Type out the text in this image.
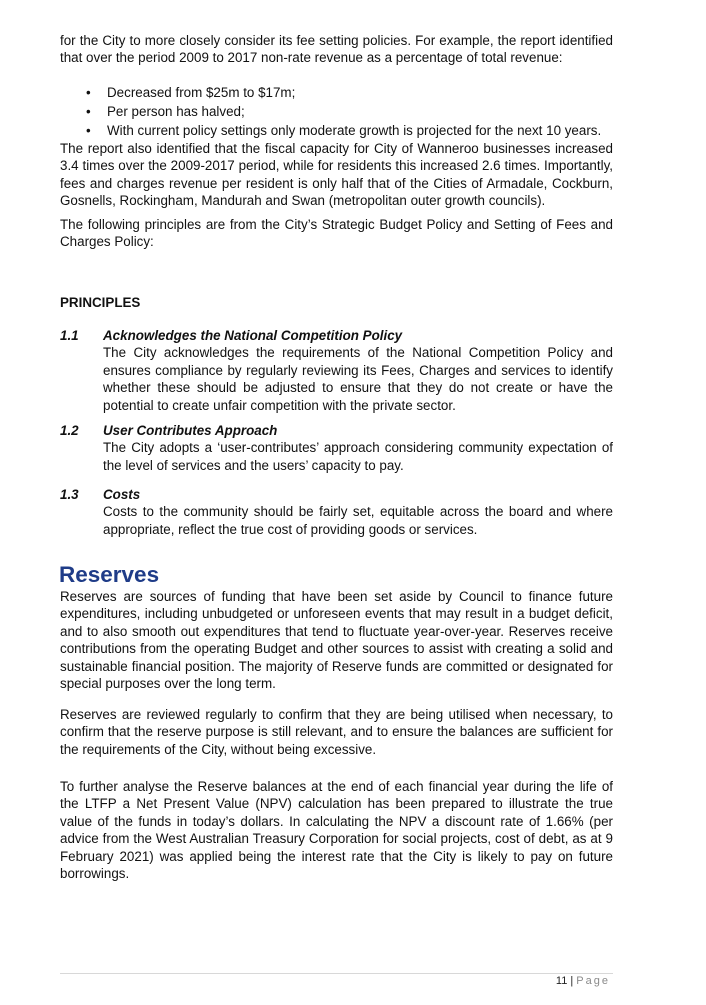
for the City to more closely consider its fee setting policies. For example, the report identified that over the period 2009 to 2017 non-rate revenue as a percentage of total revenue:

• Decreased from $25m to $17m;
• Per person has halved;
• With current policy settings only moderate growth is projected for the next 10 years.

The report also identified that the fiscal capacity for City of Wanneroo businesses increased 3.4 times over the 2009-2017 period, while for residents this increased 2.6 times. Importantly, fees and charges revenue per resident is only half that of the Cities of Armadale, Cockburn, Gosnells, Rockingham, Mandurah and Swan (metropolitan outer growth councils).

The following principles are from the City’s Strategic Budget Policy and Setting of Fees and Charges Policy:

PRINCIPLES

1.1 Acknowledges the National Competition Policy

The City acknowledges the requirements of the National Competition Policy and ensures compliance by regularly reviewing its Fees, Charges and services to identify whether these should be adjusted to ensure that they do not create or have the potential to create unfair competition with the private sector.

1.2 User Contributes Approach

The City adopts a ‘user-contributes’ approach considering community expectation of the level of services and the users’ capacity to pay.

1.3 Costs

Costs to the community should be fairly set, equitable across the board and where appropriate, reflect the true cost of providing goods or services.

Reserves

Reserves are sources of funding that have been set aside by Council to finance future expenditures, including unbudgeted or unforeseen events that may result in a budget deficit, and to also smooth out expenditures that tend to fluctuate year-over-year. Reserves receive contributions from the operating Budget and other sources to assist with creating a solid and sustainable financial position. The majority of Reserve funds are committed or designated for special purposes over the long term.

Reserves are reviewed regularly to confirm that they are being utilised when necessary, to confirm that the reserve purpose is still relevant, and to ensure the balances are sufficient for the requirements of the City, without being excessive.

To further analyse the Reserve balances at the end of each financial year during the life of the LTFP a Net Present Value (NPV) calculation has been prepared to illustrate the true value of the funds in today’s dollars. In calculating the NPV a discount rate of 1.66% (per advice from the West Australian Treasury Corporation for social projects, cost of debt, as at 9 February 2021) was applied being the interest rate that the City is likely to pay on future borrowings.

11 | Page
